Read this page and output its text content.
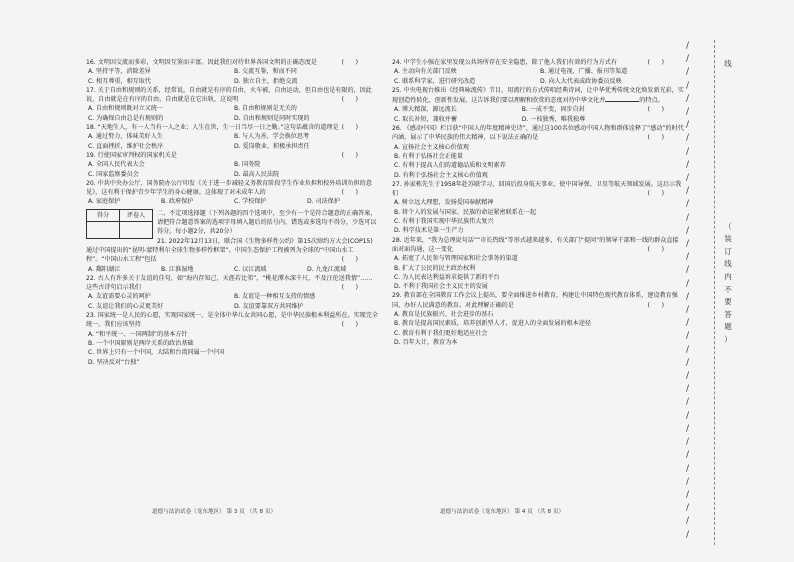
16. 文明因交流而多彩，文明因互鉴而丰富。因此我们对待世界各国文明的正确态度是	(      )
A. 坚持平等，消除差异	B. 交流互鉴，和而不同
C. 相互尊重，相互取代	D. 独立自主，拒绝交流
17. 关于自由和规则的关系，经常说，自由就是有序的自由，火车被，自由运动，但自由也是有限的，因此说，自由就是在有序的自由，自由就是在它出轨，这说明	(      )
A. 自由和规则既对立又统一	B. 自由和规则是无关的
C. 为确保自由总是有规则的	D. 自由和规则是同时实现的
18. “天地生人，有一人当有一人之业；人生在世，生一日当尽一日之勤。”这句话蕴含的道理是 (      )
A. 通过努力，体味美好人生	B. 与人为善，学会换位思考
C. 直面挫折，维护社会秩序	D. 爱岗敬业，积极承担责任
19. 行使国家审判权的国家机关是	(      )
A. 全国人民代表大会	B. 国务院
C. 国家监察委员会	D. 最高人民法院
20. 中共中央办公厅、国务院办公厅印发《关于进一步减轻义务教育阶段学生作业负担和校外培训负担的意见》，这有利于保护青少年学生的身心健康。这体现了对未成年人的	(      )
A. 家庭保护	B. 政府保护	C. 学校保护	D. 司法保护
得分	评卷人
		二、不定项选择题（下列各题的四个选项中，至少有一个是符合题意的正确答案，请把符合题意答案的选项字母填入题后的括号内，错选或多选均不得分，少选可以得分。每小题2分，共20分）
21. 2022年12月13日，联合国《生物多样性公约》第15次缔约方大会(COP15)通过中国提出的“昆明-蒙特利尔全球生物多样性框架”。中国生态保护工程被列为全球的“中国山水工程”。“中国山水工程”包括	(      )
A. 鄱阳湖江	B. 江淮湿地	C. 汉江流域	D. 九龙江流域
22. 古人有许多关于友谊的佳句，如“海内存知己，天涯若比邻”，“桃花潭水深千尺，不及汪伦送我情”……这些古诗句启示我们	(      )
A. 友谊需要心灵的呵护	B. 友谊是一种相互支持的情感
C. 友谊让我们的心灵更美好	D. 友谊要靠双方共同维护
23. 国家统一是人民的心愿，实现国家统一，是全体中华儿女共同心愿，是中华民族根本利益所在。实现完全统一，我们应该坚持	(      )
A. “和平统一、一国两制”的基本方针
B. 一个中国原则是两岸关系的政治基础
C. 世界上只有一个中国，大陆和台湾同属一个中国
D. 坚决反对“台独”
道德与法治试卷（龙东地区） 第 3 页 （共 8 页）
24. 中学生小强在家里发现公共场所存在安全隐患，除了他人我们有效的行为方式有	(      )
A. 主动向有关部门反映	B. 通过电视、广播、报刊等渠道
C. 联系科学家，进行研究改造	D. 向人大代表或政协委员反映
25. 中央电视台推出《经典咏流传》节目，用流行的方式传唱经典诗词，让中华优秀传统文化焕发新光彩，实现创造性转化、创新性发展，这告诉我们要以理解和欣赏的态度对待中华文化并	的特点。
(      )
A. 博大精深、源远流长	B. 一成不变，固步自封
C. 取长补短，兼收并蓄	D. 一枝独秀，唯我独尊
26. 《感动中国》栏目获“中国人的年度精神史诗”，通过这100名位感动中国人物和群体诠释了“感动”的时代内涵，展示了中华民族的伟大精神，以下说法正确的是	(      )
A. 宣扬社会主义核心价值观
B. 有利于弘扬社会正能量
C. 有利于提高人们的道德品质和文明素养
D. 有利于弘扬社会主义核心价值观
27. 孙家栋先生于1958年赴苏联学习，回国后投身航天事业，使中国导弹、卫星等航天领域发展。这启示我们	(      )
A. 树立远大理想，发扬爱国奉献精神
B. 将个人的发展与国家、民族的命运紧密联系在一起
C. 有利于我国实现中华民族伟大复兴
D. 科学技术是第一生产力
28. 近年来，“我为总理说句话”“市长热线”等形式越来越多，有关部门“提问”的领导干部和一线的群众直接面对面沟通，这一变化	(      )
A. 拓宽了人民参与管理国家和社会事务的渠道
B. 扩大了公民的民主政治权利
C. 为人民表达利益诉求提供了新的平台
D. 不利于我国社会主义民主的发展
29. 教育部在全国教育工作会议上提出，要全面推进乡村教育，构建让中国特色现代教育体系，建设教育强国，办好人民满意的教育。对此理解正确的是	(      )
A. 教育是民族振兴、社会进步的基石
B. 教育是提高国民素质，培养创新型人才，促进人的全面发展的根本途径
C. 教育有利于我们更好地适应社会
D. 百年大计，教育为本
道德与法治试卷（龙东地区） 第 4 页 （共 8 页）
/
/
/
/
/
/
/
/
/
/
/
/
/
/
/
/
/
/
/
/
/
/
/
/
/
/
/
/
/
/
/
/
/
/
/
/
/
/
线
（
装
订
线
内
不
要
答
题
）
